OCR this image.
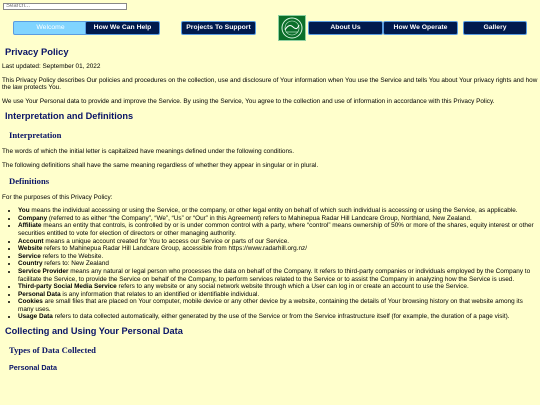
Search...
Welcome	How We Can Help	Projects To Support	About Us	How We Operate	Gallery
Privacy Policy

Last updated: September 01, 2022

This Privacy Policy describes Our policies and procedures on the collection, use and disclosure of Your information when You use the Service and tells You about Your privacy rights and how the law protects You.

We use Your Personal data to provide and improve the Service. By using the Service, You agree to the collection and use of information in accordance with this Privacy Policy.

Interpretation and Definitions
Interpretation

The words of which the initial letter is capitalized have meanings defined under the following conditions.

The following definitions shall have the same meaning regardless of whether they appear in singular or in plural.

Definitions

For the purposes of this Privacy Policy:

• You means the individual accessing or using the Service, or the company, or other legal entity on behalf of which such individual is accessing or using the Service, as applicable.
• Company (referred to as either “the Company”, “We”, “Us” or “Our” in this Agreement) refers to Mahinepua Radar Hill Landcare Group, Northland, New Zealand.
• Affiliate means an entity that controls, is controlled by or is under common control with a party, where “control” means ownership of 50% or more of the shares, equity interest or other securities entitled to vote for election of directors or other managing authority.
• Account means a unique account created for You to access our Service or parts of our Service.
• Website refers to Mahinepua Radar Hill Landcare Group, accessible from https://www.radarhill.org.nz/
• Service refers to the Website.
• Country refers to: New Zealand
• Service Provider means any natural or legal person who processes the data on behalf of the Company. It refers to third-party companies or individuals employed by the Company to facilitate the Service, to provide the Service on behalf of the Company, to perform services related to the Service or to assist the Company in analyzing how the Service is used.
• Third-party Social Media Service refers to any website or any social network website through which a User can log in or create an account to use the Service.
• Personal Data is any information that relates to an identified or identifiable individual.
• Cookies are small files that are placed on Your computer, mobile device or any other device by a website, containing the details of Your browsing history on that website among its many uses.
• Usage Data refers to data collected automatically, either generated by the use of the Service or from the Service infrastructure itself (for example, the duration of a page visit).
Collecting and Using Your Personal Data
Types of Data Collected
Personal Data
